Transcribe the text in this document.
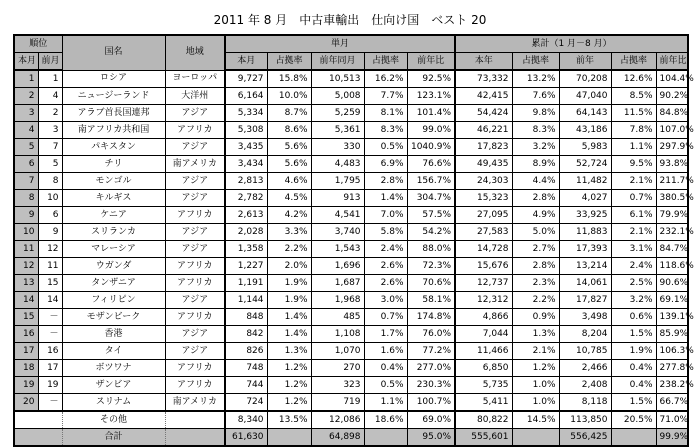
2011 年 8 月　中古車輸出　仕向け国　ベスト 20
順位		国名	地域	単月					累計（1 月－8 月）				
本月	前月			本月	占拠率	前年同月	占拠率	前年比	本年	占拠率	前年	占拠率	前年比
1	1	ロシア	ヨーロッパ	9,727	15.8%	10,513	16.2%	92.5%	73,332	13.2%	70,208	12.6%	104.4%
2	4	ニュージーランド	大洋州	6,164	10.0%	5,008	7.7%	123.1%	42,415	7.6%	47,040	8.5%	90.2%
3	2	アラブ首長国連邦	アジア	5,334	8.7%	5,259	8.1%	101.4%	54,424	9.8%	64,143	11.5%	84.8%
4	3	南アフリカ共和国	アフリカ	5,308	8.6%	5,361	8.3%	99.0%	46,221	8.3%	43,186	7.8%	107.0%
5	7	パキスタン	アジア	3,435	5.6%	330	0.5%	1040.9%	17,823	3.2%	5,983	1.1%	297.9%
6	5	チリ	南アメリカ	3,434	5.6%	4,483	6.9%	76.6%	49,435	8.9%	52,724	9.5%	93.8%
7	8	モンゴル	アジア	2,813	4.6%	1,795	2.8%	156.7%	24,303	4.4%	11,482	2.1%	211.7%
8	10	キルギス	アジア	2,782	4.5%	913	1.4%	304.7%	15,323	2.8%	4,027	0.7%	380.5%
9	6	ケニア	アフリカ	2,613	4.2%	4,541	7.0%	57.5%	27,095	4.9%	33,925	6.1%	79.9%
10	9	スリランカ	アジア	2,028	3.3%	3,740	5.8%	54.2%	27,583	5.0%	11,883	2.1%	232.1%
11	12	マレーシア	アジア	1,358	2.2%	1,543	2.4%	88.0%	14,728	2.7%	17,393	3.1%	84.7%
12	11	ウガンダ	アフリカ	1,227	2.0%	1,696	2.6%	72.3%	15,676	2.8%	13,214	2.4%	118.6%
13	15	タンザニア	アフリカ	1,191	1.9%	1,687	2.6%	70.6%	12,737	2.3%	14,061	2.5%	90.6%
14	14	フィリピン	アジア	1,144	1.9%	1,968	3.0%	58.1%	12,312	2.2%	17,827	3.2%	69.1%
15	－	モザンビーク	アフリカ	848	1.4%	485	0.7%	174.8%	4,866	0.9%	3,498	0.6%	139.1%
16	－	香港	アジア	842	1.4%	1,108	1.7%	76.0%	7,044	1.3%	8,204	1.5%	85.9%
17	16	タイ	アジア	826	1.3%	1,070	1.6%	77.2%	11,466	2.1%	10,785	1.9%	106.3%
18	17	ボツワナ	アフリカ	748	1.2%	270	0.4%	277.0%	6,850	1.2%	2,466	0.4%	277.8%
19	19	ザンビア	アフリカ	744	1.2%	323	0.5%	230.3%	5,735	1.0%	2,408	0.4%	238.2%
20	－	スリナム	南アメリカ	724	1.2%	719	1.1%	100.7%	5,411	1.0%	8,118	1.5%	66.7%
		その他		8,340	13.5%	12,086	18.6%	69.0%	80,822	14.5%	113,850	20.5%	71.0%
		合計		61,630		64,898		95.0%	555,601		556,425		99.9%
